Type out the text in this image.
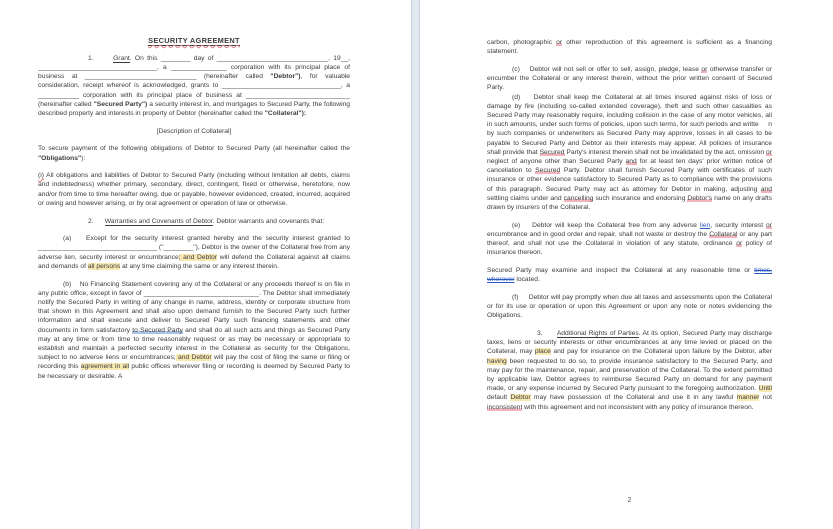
SECURITY AGREEMENT

1.      Grant. On this ________ day of ______________________________, 19__, ________________________________, a _______________ corporation with its principal place of business at ______________________________ (hereinafter called "Debtor"), for valuable consideration, receipt whereof is acknowledged, grants to ________________________________, a ___________ corporation with its principal place of business at ____________________________ (hereinafter called "Secured Party") a security interest in, and mortgages to Secured Party, the following described property and interests in property of Debtor (hereinafter called the "Collateral"):

[Description of Collateral]

To secure payment of the following obligations of Debtor to Secured Party (all hereinafter called the "Obligations"):

(i) All obligations and liabilities of Debtor to Secured Party (including without limitation all debts, claims and indebtedness) whether primary, secondary, direct, contingent, fixed or otherwise, heretofore, now and/or from time to time hereafter owing, due or payable, however evidenced, created, incurred, acquired or owing and however arising, or by oral agreement or operation of law or otherwise.

2.      Warranties and Covenants of Debtor. Debtor warrants and covenants that:

(a)    Except for the security interest granted hereby and the security interest granted to ________________________________ ("________"), Debtor is the owner of the Collateral free from any adverse lien, security interest or encumbrance; and Debtor will defend the Collateral against all claims and demands of all persons at any time claiming the same or any interest therein.

(b)    No Financing Statement covering any of the Collateral or any proceeds thereof is on file in any public office, except in favor of _______________________________. The Debtor shall immediately notify the Secured Party in writing of any change in name, address, identity or corporate structure from that shown in this Agreement and shall also upon demand furnish to the Secured Party such further information and shall execute and deliver to Secured Party such financing statements and other documents in form satisfactory to Secured Party and shall do all such acts and things as Secured Party may at any time or from time to time reasonably request or as may be necessary or appropriate to establish and maintain a perfected security interest in the Collateral as security for the Obligations, subject to no adverse liens or encumbrances; and Debtor will pay the cost of filing the same or filing or recording this agreement in all public offices wherever filing or recording is deemed by Secured Party to be necessary or desirable. A

2

carbon, photographic or other reproduction of this agreement is sufficient as a financing statement.

(c)    Debtor will not sell or offer to sell, assign, pledge, lease or otherwise transfer or encumber the Collateral or any interest therein, without the prior written consent of Secured Party.

(d)    Debtor shall keep the Collateral at all times insured against risks of loss or damage by fire (including so-called extended coverage), theft and such other casualties as Secured Party may reasonably require, including collision in the case of any motor vehicles, all in such amounts, under such forms of policies, upon such terms, for such periods and writte     n by such companies or underwriters as Secured Party may approve, losses in all cases to be payable to Secured Party and Debtor as their interests may appear. All policies of insurance shall provide that Secured Party's interest therein shall not be invalidated by the act, omission or neglect of anyone other than Secured Party and for at least ten days' prior written notice of cancellation to Secured Party. Debtor shall furnish Secured Party with certificates of such insurance or other evidence satisfactory to Secured Party as to compliance with the provisions of this paragraph. Secured Party may act as attorney for Debtor in making, adjusting and settling claims under and cancelling such insurance and endorsing Debtor's name on any drafts drawn by insurers of the Collateral.

(e)    Debtor will keep the Collateral free from any adverse lien, security interest or encumbrance and in good order and repair, shall not waste or destroy the Collateral or any part thereof, and shall not use the Collateral in violation of any statute, ordinance or policy of insurance thereon.

Secured Party may examine and inspect the Collateral at any reasonable time or times, wherever located.

(f)     Debtor will pay promptly when due all taxes and assessments upon the Collateral or for its use or operation or upon this Agreement or upon any note or notes evidencing the Obligations.

3.      Additional Rights of Parties. At its option, Secured Party may discharge taxes, liens or security interests or other encumbrances at any time levied or placed on the Collateral, may place and pay for insurance on the Collateral upon failure by the Debtor, after having been requested to do so, to provide insurance satisfactory to the Secured Party, and may pay for the maintenance, repair, and preservation of the Collateral. To the extent permitted by applicable law, Debtor agrees to reimburse Secured Party on demand for any payment made, or any expense incurred by Secured Party pursuant to the foregoing authorization. Until default Debtor may have possession of the Collateral and use it in any lawful manner not inconsistent with this agreement and not inconsistent with any policy of insurance thereon.
